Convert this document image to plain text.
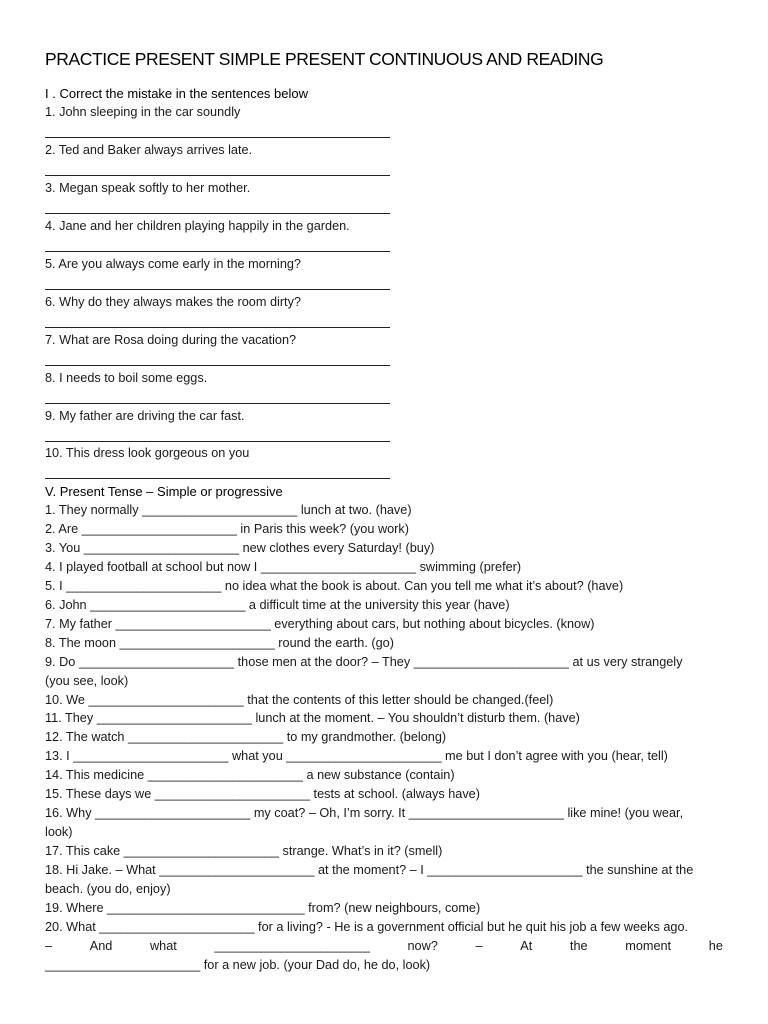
PRACTICE PRESENT SIMPLE PRESENT CONTINUOUS AND READING
I . Correct the mistake in the sentences below
1. John sleeping in the car soundly
2. Ted and Baker always arrives late.
3. Megan speak softly to her mother.
4. Jane and her children playing happily in the garden.
5. Are you always come early in the morning?
6. Why do they always makes the room dirty?
7. What are Rosa doing during the vacation?
8. I needs to boil some eggs.
9. My father are driving the car fast.
10. This dress look gorgeous on you
V. Present Tense – Simple or progressive
1. They normally ______________________ lunch at two. (have)
2. Are ______________________ in Paris this week? (you work)
3. You ______________________ new clothes every Saturday! (buy)
4. I played football at school but now I ______________________ swimming (prefer)
5. I ______________________ no idea what the book is about. Can you tell me what it’s about? (have)
6. John ______________________ a difficult time at the university this year (have)
7. My father ______________________ everything about cars, but nothing about bicycles. (know)
8. The moon ______________________ round the earth. (go)
9. Do ______________________ those men at the door? – They ______________________ at us very strangely
(you see, look)
10. We ______________________ that the contents of this letter should be changed.(feel)
11. They ______________________ lunch at the moment. – You shouldn’t disturb them. (have)
12. The watch ______________________ to my grandmother. (belong)
13. I ______________________ what you ______________________ me but I don’t agree with you (hear, tell)
14. This medicine ______________________ a new substance (contain)
15. These days we ______________________ tests at school. (always have)
16. Why ______________________ my coat? – Oh, I’m sorry. It ______________________ like mine! (you wear,
look)
17. This cake ______________________ strange. What’s in it? (smell)
18. Hi Jake. – What ______________________ at the moment? – I ______________________ the sunshine at the
beach. (you do, enjoy)
19. Where ____________________________ from? (new neighbours, come)
20. What ______________________ for a living? - He is a government official but he quit his job a few weeks ago.
–	And	what	______________________	now?	–	At	the	moment	he
______________________ for a new job. (your Dad do, he do, look)
